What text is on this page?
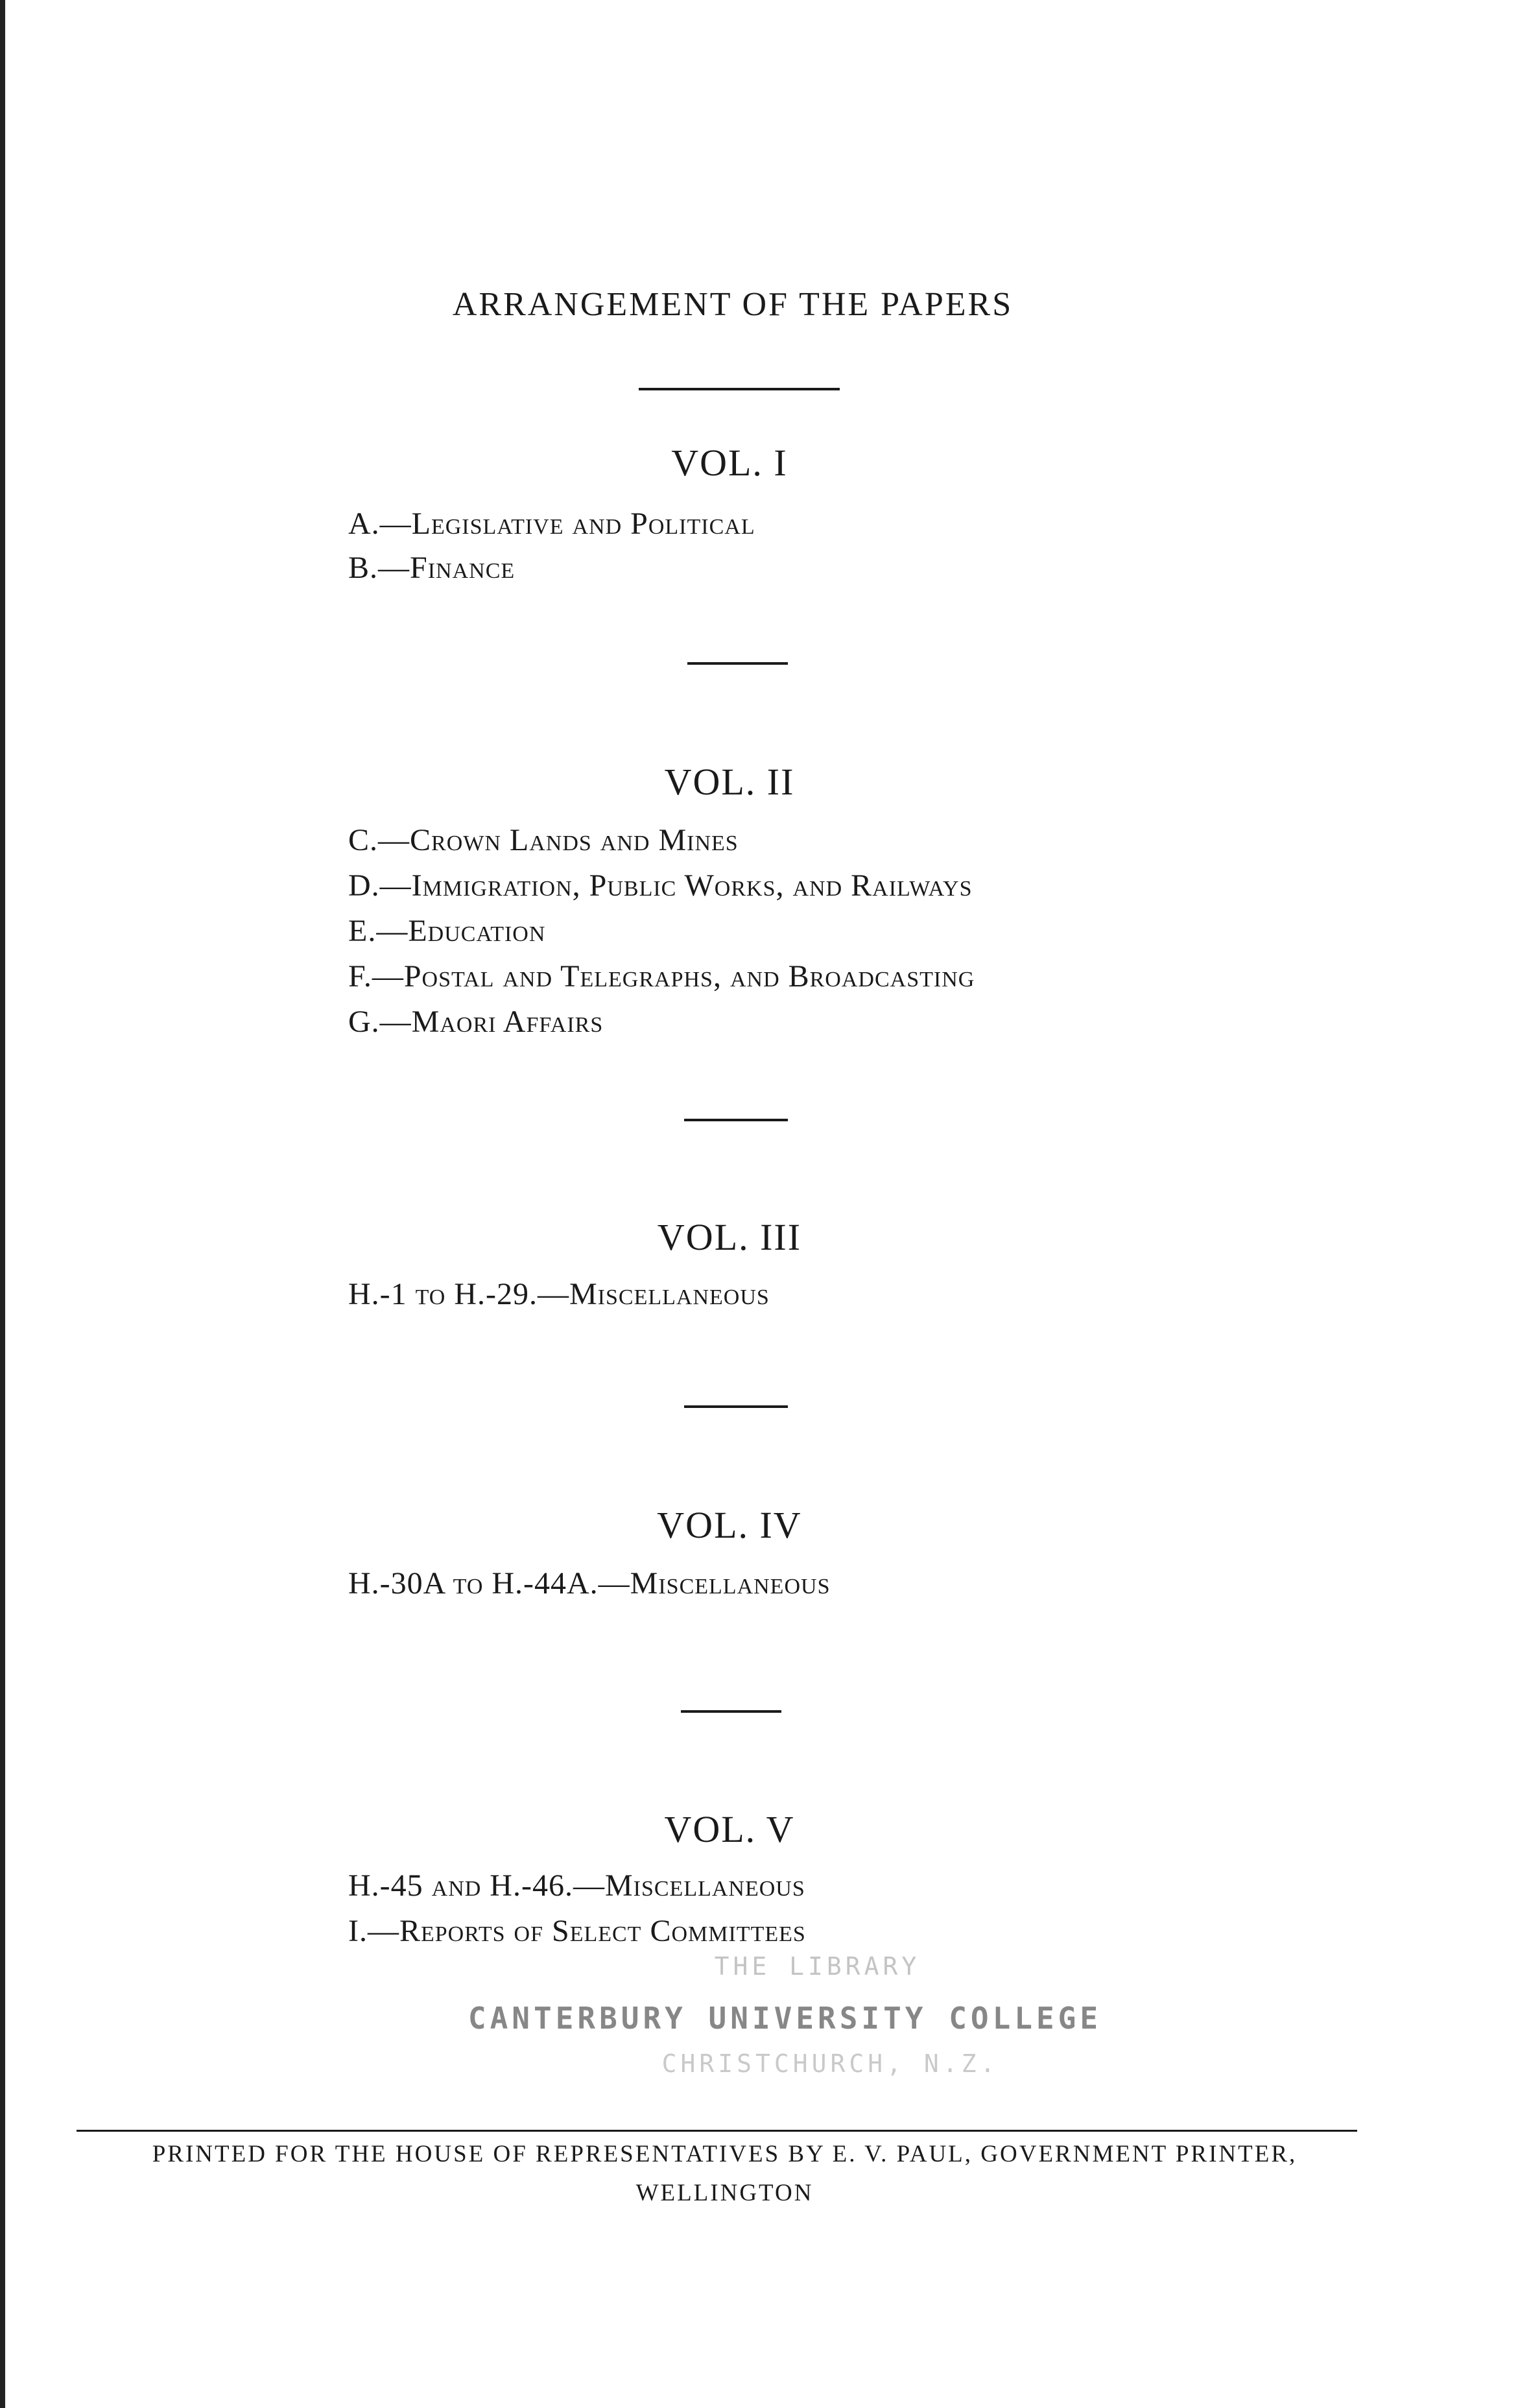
ARRANGEMENT OF THE PAPERS
VOL. I
A.—Legislative and Political
B.—Finance
VOL. II
C.—Crown Lands and Mines
D.—Immigration, Public Works, and Railways
E.—Education
F.—Postal and Telegraphs, and Broadcasting
G.—Maori Affairs
VOL. III
H.-1 to H.-29.—Miscellaneous
VOL. IV
H.-30A to H.-44A.—Miscellaneous
VOL. V
H.-45 and H.-46.—Miscellaneous
I.—Reports of Select Committees
THE LIBRARY
CANTERBURY UNIVERSITY COLLEGE
CHRISTCHURCH, N.Z.
PRINTED FOR THE HOUSE OF REPRESENTATIVES BY E. V. PAUL, GOVERNMENT PRINTER,
WELLINGTON
